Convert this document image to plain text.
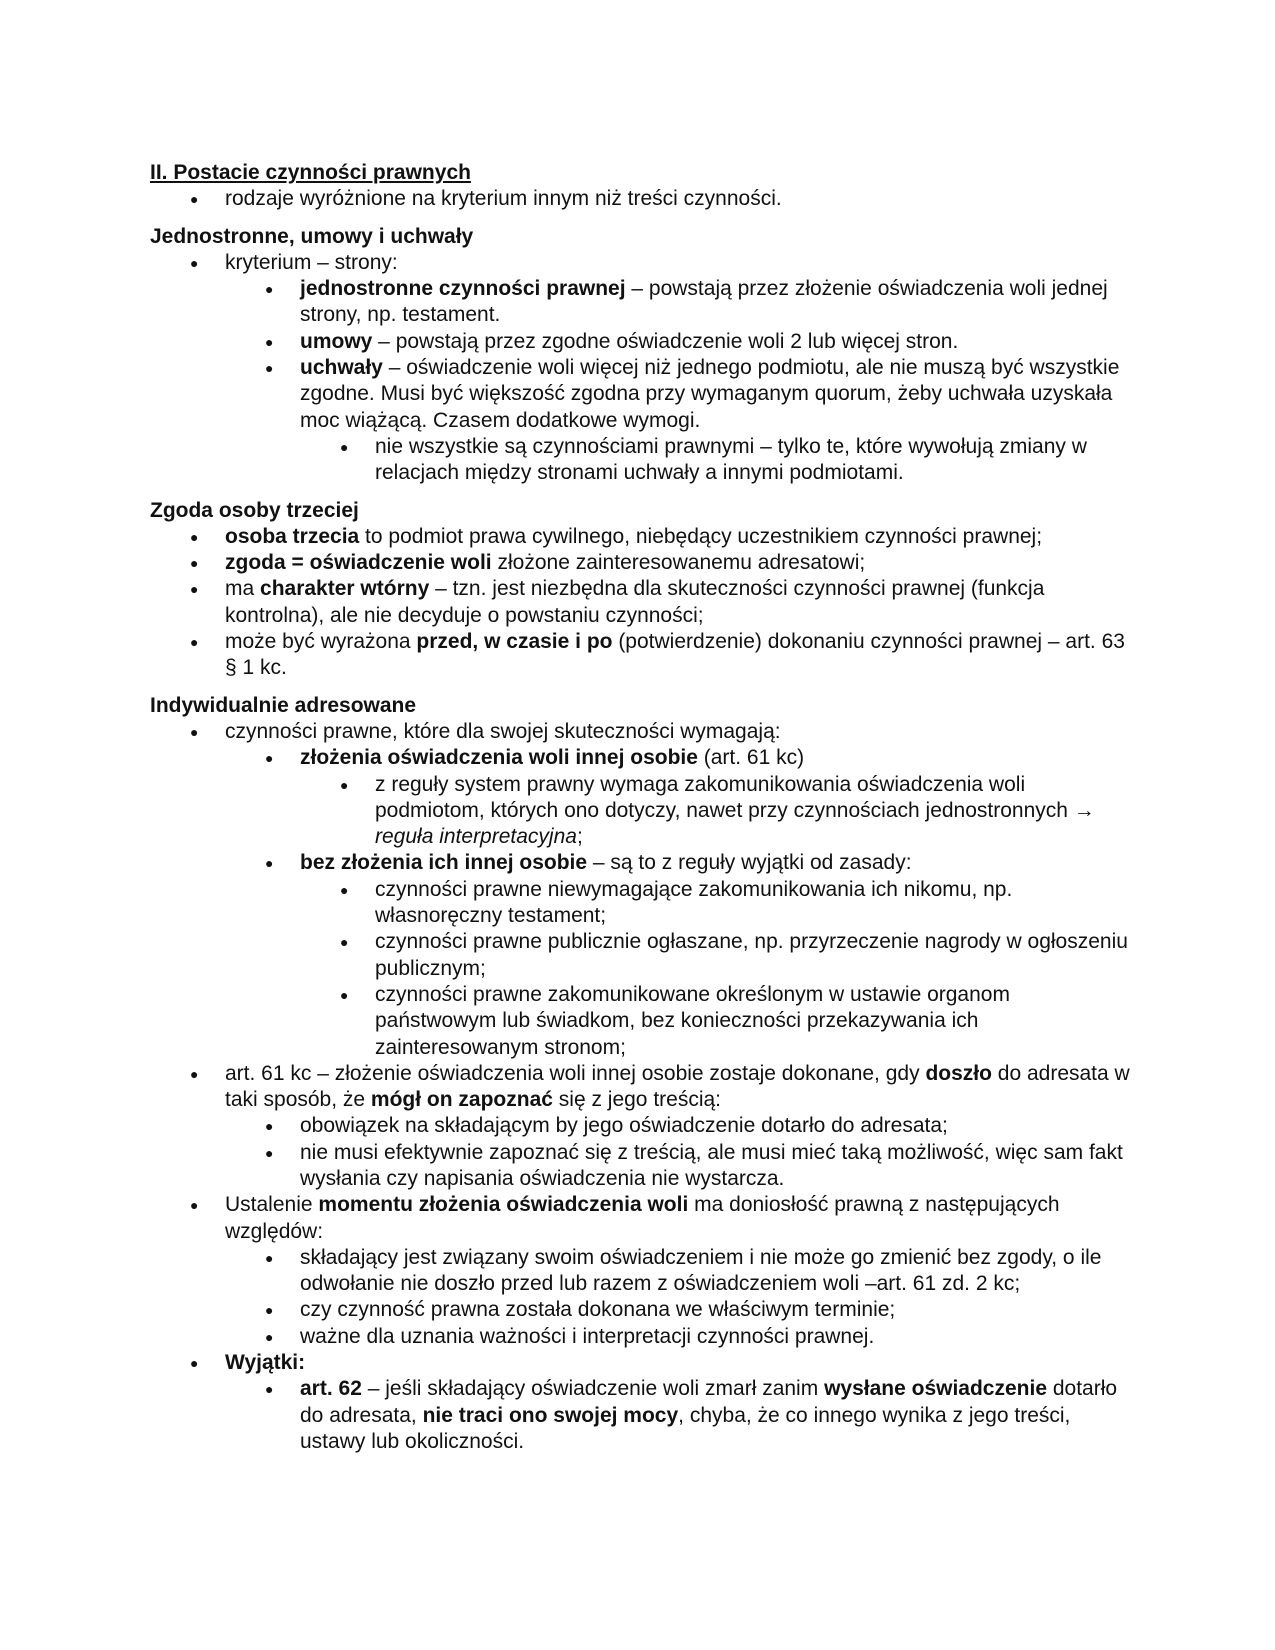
II. Postacie czynności prawnych

● rodzaje wyróżnione na kryterium innym niż treści czynności.

Jednostronne, umowy i uchwały

● kryterium – strony:
● jednostronne czynności prawnej – powstają przez złożenie oświadczenia woli jednej strony, np. testament.
● umowy – powstają przez zgodne oświadczenie woli 2 lub więcej stron.
● uchwały – oświadczenie woli więcej niż jednego podmiotu, ale nie muszą być wszystkie zgodne. Musi być większość zgodna przy wymaganym quorum, żeby uchwała uzyskała moc wiążącą. Czasem dodatkowe wymogi.
● nie wszystkie są czynnościami prawnymi – tylko te, które wywołują zmiany w relacjach między stronami uchwały a innymi podmiotami.

Zgoda osoby trzeciej

● osoba trzecia to podmiot prawa cywilnego, niebędący uczestnikiem czynności prawnej;
● zgoda = oświadczenie woli złożone zainteresowanemu adresatowi;
● ma charakter wtórny – tzn. jest niezbędna dla skuteczności czynności prawnej (funkcja kontrolna), ale nie decyduje o powstaniu czynności;
● może być wyrażona przed, w czasie i po (potwierdzenie) dokonaniu czynności prawnej – art. 63 § 1 kc.

Indywidualnie adresowane

● czynności prawne, które dla swojej skuteczności wymagają:
● złożenia oświadczenia woli innej osobie (art. 61 kc)
● z reguły system prawny wymaga zakomunikowania oświadczenia woli podmiotom, których ono dotyczy, nawet przy czynnościach jednostronnych → reguła interpretacyjna;
● bez złożenia ich innej osobie – są to z reguły wyjątki od zasady:
● czynności prawne niewymagające zakomunikowania ich nikomu, np. własnoręczny testament;
● czynności prawne publicznie ogłaszane, np. przyrzeczenie nagrody w ogłoszeniu publicznym;
● czynności prawne zakomunikowane określonym w ustawie organom państwowym lub świadkom, bez konieczności przekazywania ich zainteresowanym stronom;
● art. 61 kc – złożenie oświadczenia woli innej osobie zostaje dokonane, gdy doszło do adresata w taki sposób, że mógł on zapoznać się z jego treścią:
● obowiązek na składającym by jego oświadczenie dotarło do adresata;
● nie musi efektywnie zapoznać się z treścią, ale musi mieć taką możliwość, więc sam fakt wysłania czy napisania oświadczenia nie wystarcza.
● Ustalenie momentu złożenia oświadczenia woli ma doniosłość prawną z następujących względów:
● składający jest związany swoim oświadczeniem i nie może go zmienić bez zgody, o ile odwołanie nie doszło przed lub razem z oświadczeniem woli –art. 61 zd. 2 kc;
● czy czynność prawna została dokonana we właściwym terminie;
● ważne dla uznania ważności i interpretacji czynności prawnej.
● Wyjątki:
● art. 62 – jeśli składający oświadczenie woli zmarł zanim wysłane oświadczenie dotarło do adresata, nie traci ono swojej mocy, chyba, że co innego wynika z jego treści, ustawy lub okoliczności.
